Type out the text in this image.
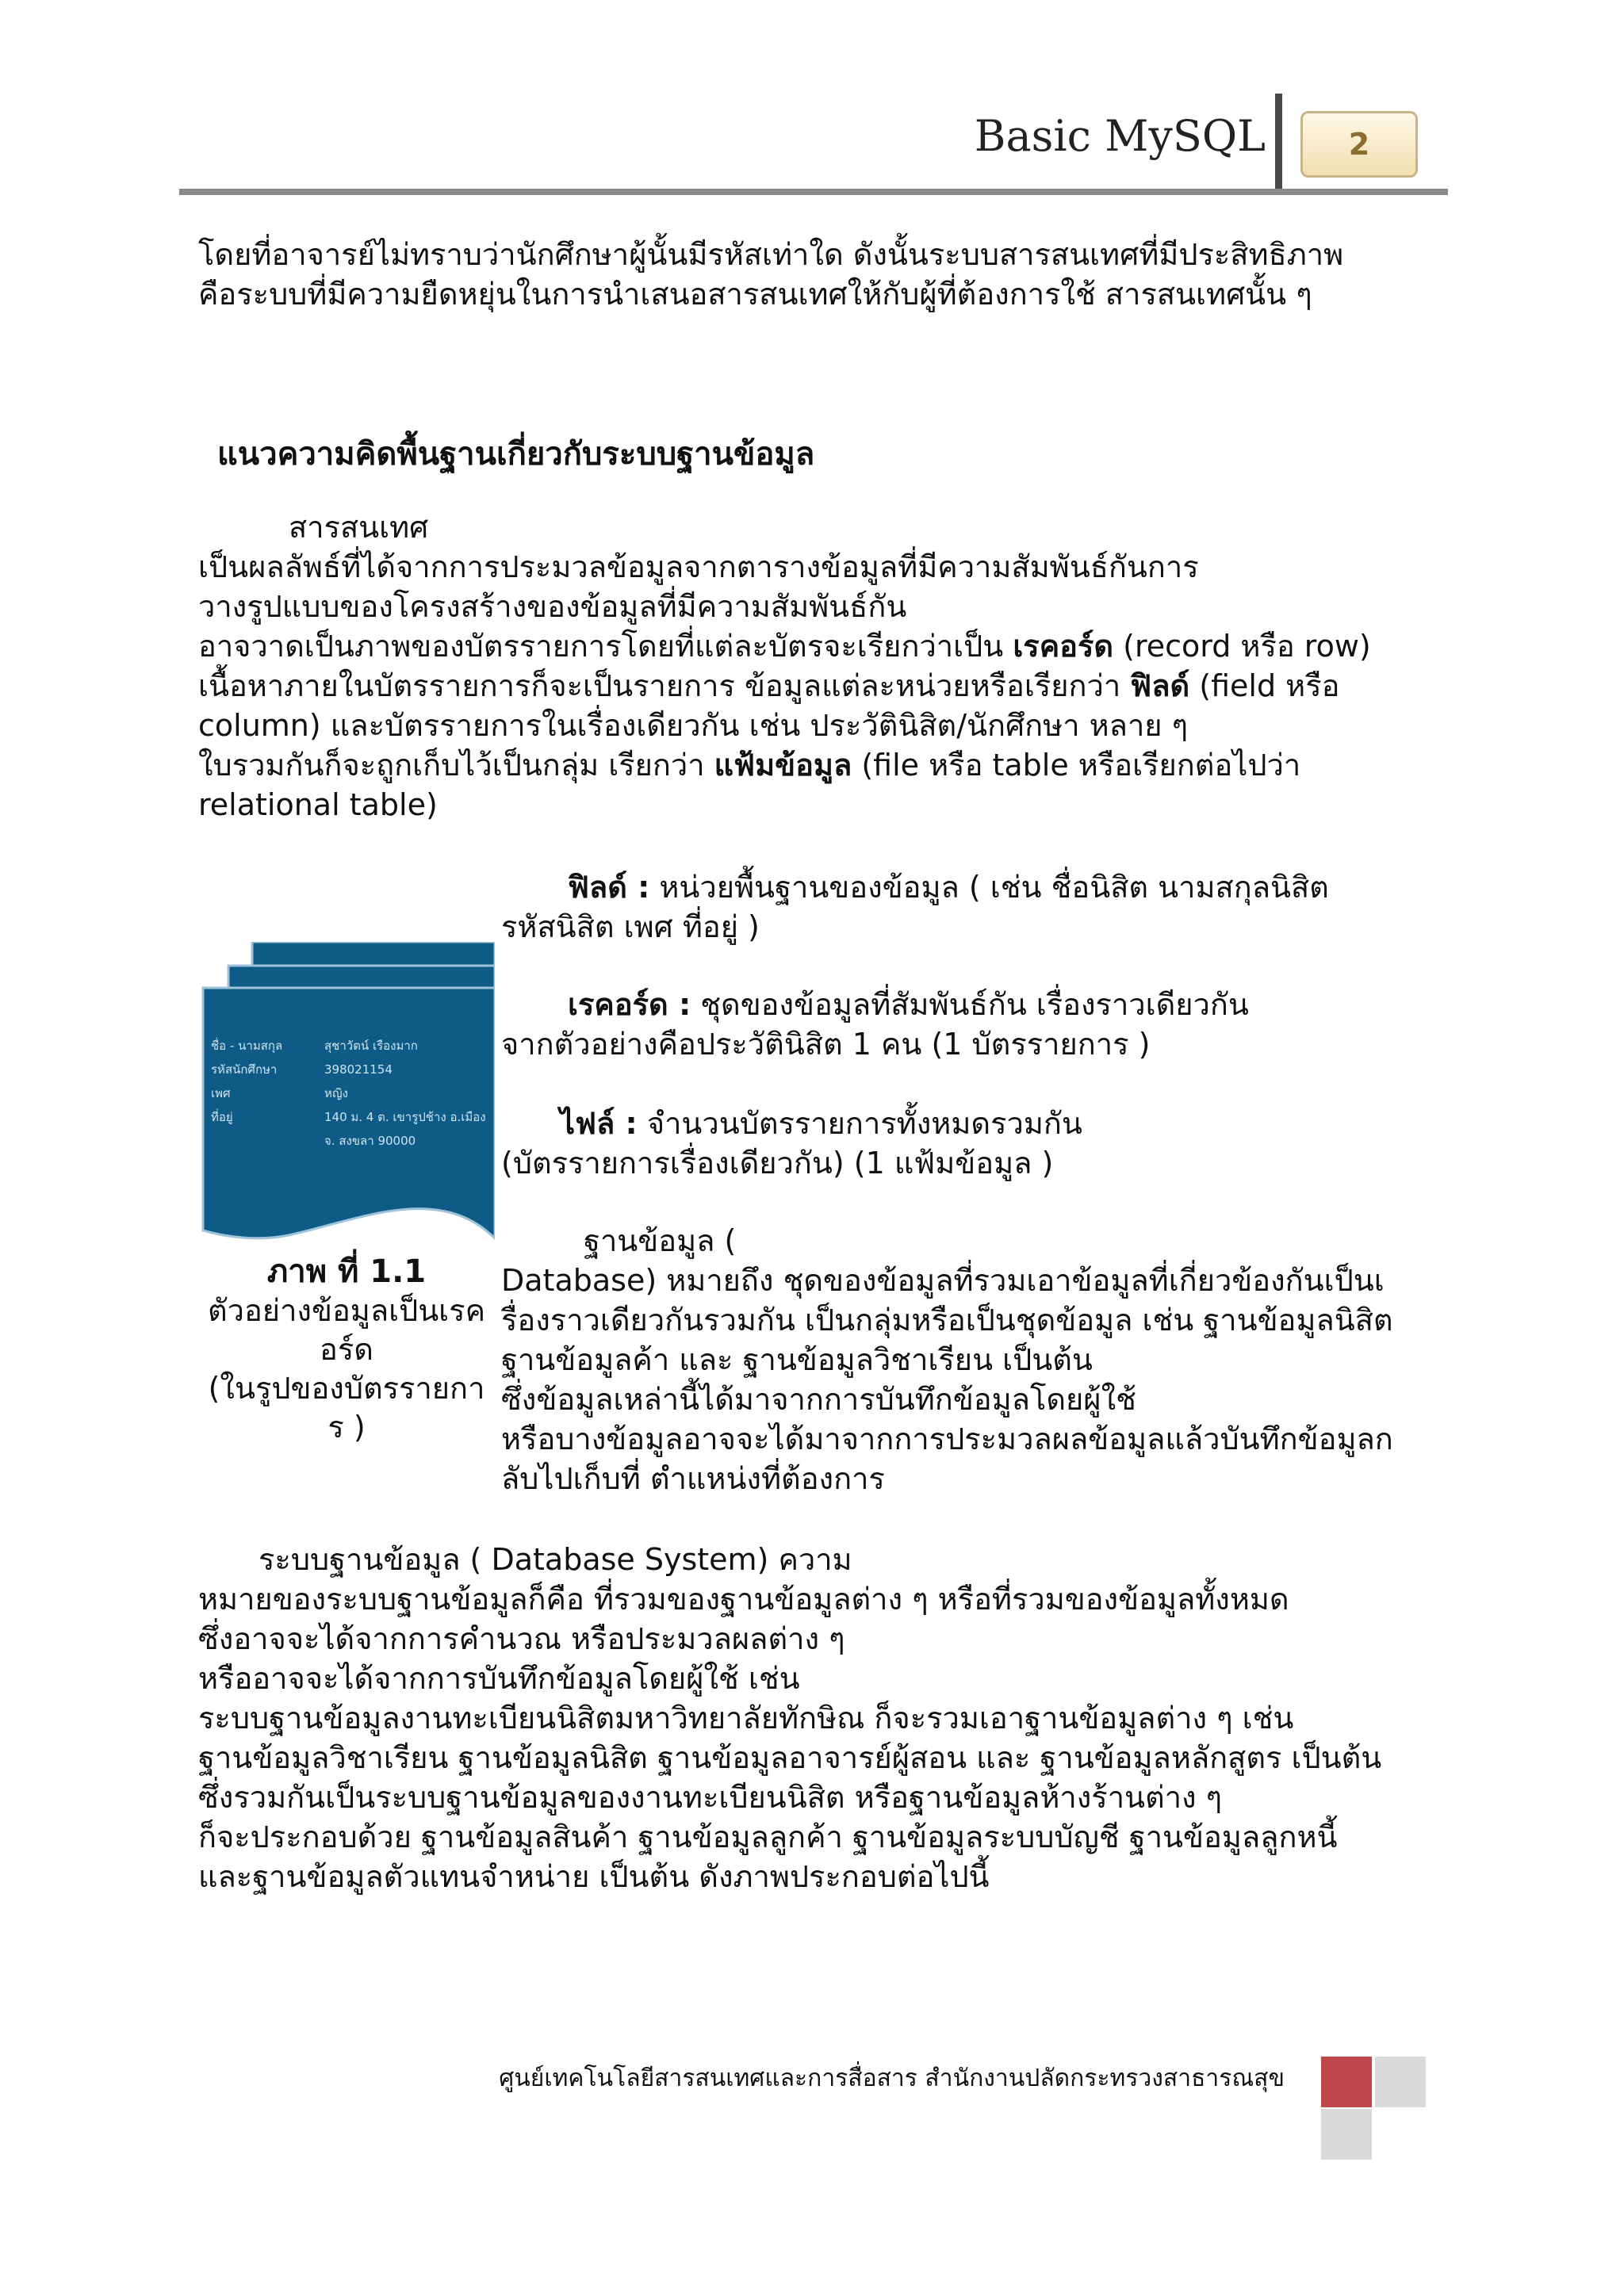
Basic MySQL	2
โดยที่อาจารย์ไม่ทราบว่านักศึกษาผู้นั้นมีรหัสเท่าใด ดังนั้นระบบสารสนเทศที่มีประสิทธิภาพ
คือระบบที่มีความยืดหยุ่นในการนำเสนอสารสนเทศให้กับผู้ที่ต้องการใช้ สารสนเทศนั้น ๆ
แนวความคิดพื้นฐานเกี่ยวกับระบบฐานข้อมูล
สารสนเทศ
เป็นผลลัพธ์ที่ได้จากการประมวลข้อมูลจากตารางข้อมูลที่มีความสัมพันธ์กันการ
วางรูปแบบของโครงสร้างของข้อมูลที่มีความสัมพันธ์กัน
อาจวาดเป็นภาพของบัตรรายการโดยที่แต่ละบัตรจะเรียกว่าเป็น เรคอร์ด (record หรือ row)
เนื้อหาภายในบัตรรายการก็จะเป็นรายการ ข้อมูลแต่ละหน่วยหรือเรียกว่า ฟิลด์ (field หรือ
column) และบัตรรายการในเรื่องเดียวกัน เช่น ประวัตินิสิต/นักศึกษา หลาย ๆ
ใบรวมกันก็จะถูกเก็บไว้เป็นกลุ่ม เรียกว่า แฟ้มข้อมูล (file หรือ table หรือเรียกต่อไปว่า
relational table)
ฟิลด์ : หน่วยพื้นฐานของข้อมูล ( เช่น ชื่อนิสิต นามสกุลนิสิต
รหัสนิสิต เพศ ที่อยู่ )
เรคอร์ด : ชุดของข้อมูลที่สัมพันธ์กัน เรื่องราวเดียวกัน
จากตัวอย่างคือประวัตินิสิต 1 คน (1 บัตรรายการ )
ไฟล์ : จำนวนบัตรรายการทั้งหมดรวมกัน
(บัตรรายการเรื่องเดียวกัน) (1 แฟ้มข้อมูล )
ฐานข้อมูล (
Database) หมายถึง ชุดของข้อมูลที่รวมเอาข้อมูลที่เกี่ยวข้องกันเป็นเ
รื่องราวเดียวกันรวมกัน เป็นกลุ่มหรือเป็นชุดข้อมูล เช่น ฐานข้อมูลนิสิต
ฐานข้อมูลค้า และ ฐานข้อมูลวิชาเรียน เป็นต้น
ซึ่งข้อมูลเหล่านี้ได้มาจากการบันทึกข้อมูลโดยผู้ใช้
หรือบางข้อมูลอาจจะได้มาจากการประมวลผลข้อมูลแล้วบันทึกข้อมูลก
ลับไปเก็บที่ ตำแหน่งที่ต้องการ
ชื่อ - นามสกุล	สุชาวัตน์ เรืองมาก
รหัสนักศึกษา	398021154
เพศ	หญิง
ที่อยู่	140 ม. 4 ต. เขารูปช้าง อ.เมือง
จ. สงขลา 90000
ภาพ ที่ 1.1
ตัวอย่างข้อมูลเป็นเรค
อร์ด
(ในรูปของบัตรรายกา
ร )
ระบบฐานข้อมูล ( Database System) ความ
หมายของระบบฐานข้อมูลก็คือ ที่รวมของฐานข้อมูลต่าง ๆ หรือที่รวมของข้อมูลทั้งหมด
ซึ่งอาจจะได้จากการคำนวณ หรือประมวลผลต่าง ๆ
หรืออาจจะได้จากการบันทึกข้อมูลโดยผู้ใช้ เช่น
ระบบฐานข้อมูลงานทะเบียนนิสิตมหาวิทยาลัยทักษิณ ก็จะรวมเอาฐานข้อมูลต่าง ๆ เช่น
ฐานข้อมูลวิชาเรียน ฐานข้อมูลนิสิต ฐานข้อมูลอาจารย์ผู้สอน และ ฐานข้อมูลหลักสูตร เป็นต้น
ซึ่งรวมกันเป็นระบบฐานข้อมูลของงานทะเบียนนิสิต หรือฐานข้อมูลห้างร้านต่าง ๆ
ก็จะประกอบด้วย ฐานข้อมูลสินค้า ฐานข้อมูลลูกค้า ฐานข้อมูลระบบบัญชี ฐานข้อมูลลูกหนี้
และฐานข้อมูลตัวแทนจำหน่าย เป็นต้น ดังภาพประกอบต่อไปนี้
ศูนย์เทคโนโลยีสารสนเทศและการสื่อสาร สำนักงานปลัดกระทรวงสาธารณสุข
